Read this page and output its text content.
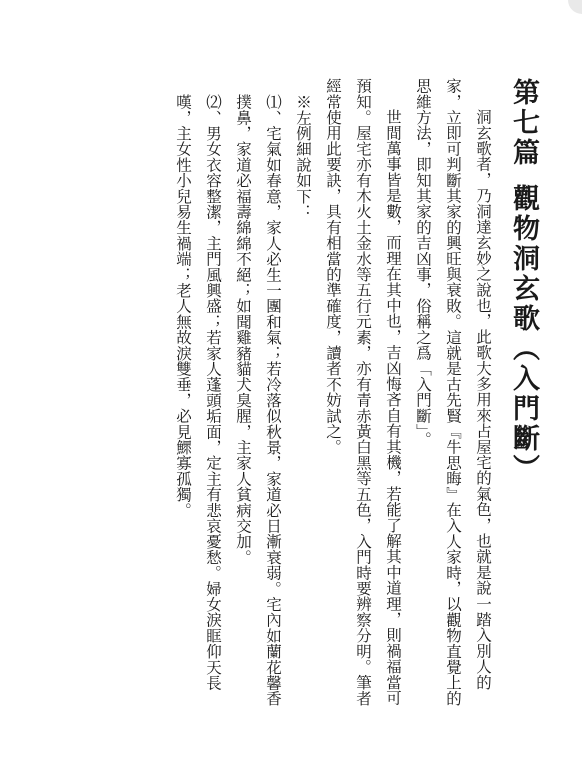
第七篇觀物洞玄歌（入門斷）

洞玄歌者，乃洞達玄妙之說也，此歌大多用來占屋宅的氣色，也就是說一踏入別人的家，立即可判斷其家的興旺與衰敗。這就是古先賢『牛思晦』在入人家時，以觀物直覺上的思維方法，即知其家的吉凶事，俗稱之爲「入門斷」。

世間萬事皆是數，而理在其中也，吉凶悔吝自有其機，若能了解其中道理，則禍福當可預知。屋宅亦有木火土金水等五行元素，亦有青赤黃白黑等五色，入門時要辨察分明。筆者經常使用此要訣，具有相當的準確度，讀者不妨試之。

※左例細說如下：

⑴、宅氣如春意，家人必生一團和氣；若冷落似秋景，家道必日漸衰弱。宅內如蘭花馨香撲鼻，家道必福壽綿綿不絕；如聞雞豬貓犬臭腥，主家人貧病交加。

⑵、男女衣容整潔，主門風興盛；若家人蓬頭垢面，定主有悲哀憂愁。婦女淚眶仰天長嘆，主女性小兒易生禍端；老人無故淚雙垂，必見鰥寡孤獨。
